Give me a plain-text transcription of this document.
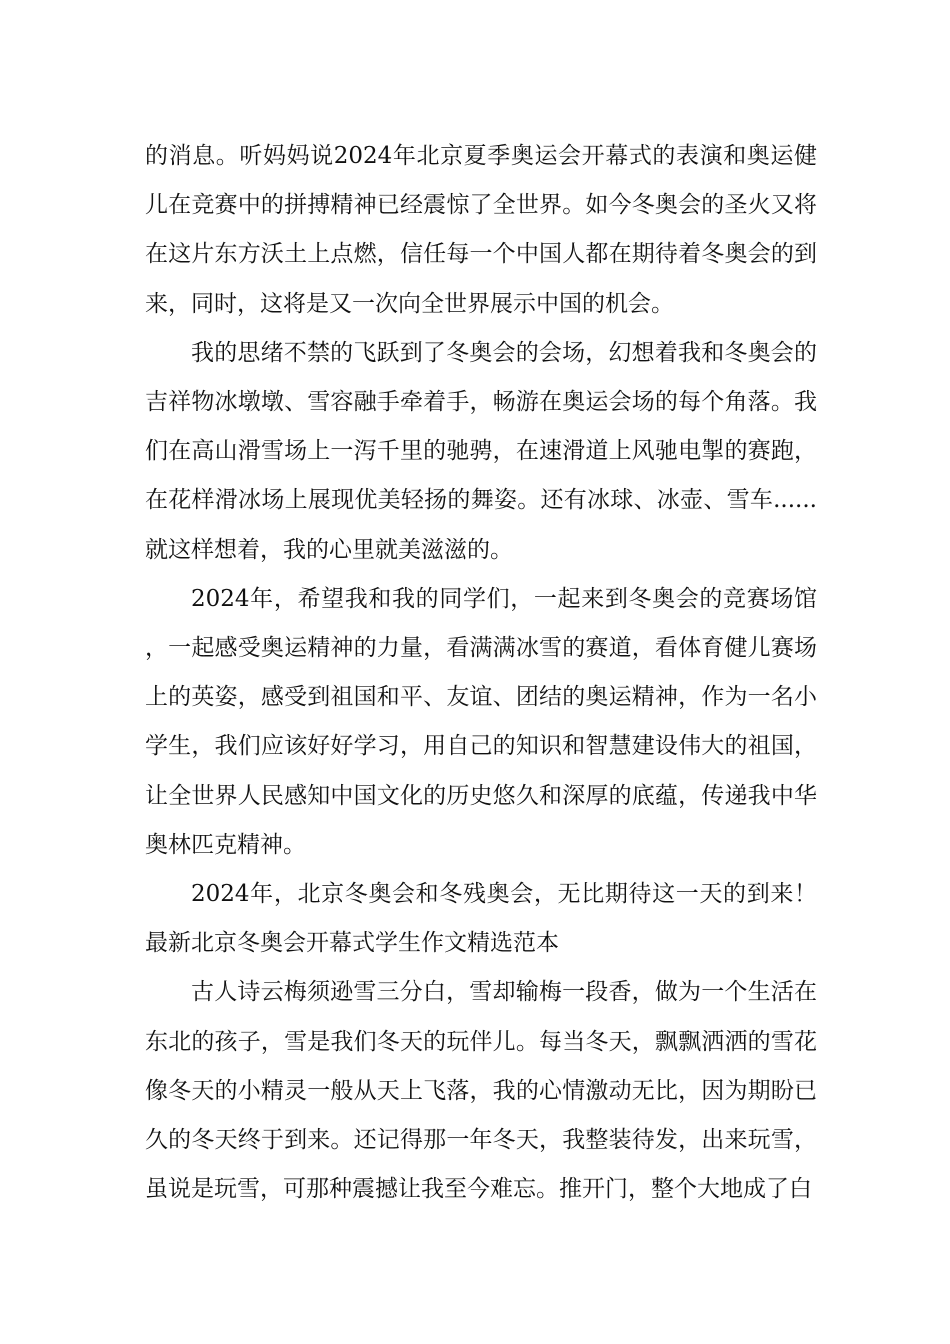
的消息。听妈妈说2024年北京夏季奥运会开幕式的表演和奥运健儿在竞赛中的拼搏精神已经震惊了全世界。如今冬奥会的圣火又将在这片东方沃土上点燃，信任每一个中国人都在期待着冬奥会的到来，同时，这将是又一次向全世界展示中国的机会。

我的思绪不禁的飞跃到了冬奥会的会场，幻想着我和冬奥会的吉祥物冰墩墩、雪容融手牵着手，畅游在奥运会场的每个角落。我们在高山滑雪场上一泻千里的驰骋，在速滑道上风驰电掣的赛跑，在花样滑冰场上展现优美轻扬的舞姿。还有冰球、冰壶、雪车......就这样想着，我的心里就美滋滋的。

2024年，希望我和我的同学们，一起来到冬奥会的竞赛场馆，一起感受奥运精神的力量，看满满冰雪的赛道，看体育健儿赛场上的英姿，感受到祖国和平、友谊、团结的奥运精神，作为一名小学生，我们应该好好学习，用自己的知识和智慧建设伟大的祖国，让全世界人民感知中国文化的历史悠久和深厚的底蕴，传递我中华奥林匹克精神。

2024年，北京冬奥会和冬残奥会，无比期待这一天的到来！最新北京冬奥会开幕式学生作文精选范本

古人诗云梅须逊雪三分白，雪却输梅一段香，做为一个生活在东北的孩子，雪是我们冬天的玩伴儿。每当冬天，飘飘洒洒的雪花像冬天的小精灵一般从天上飞落，我的心情激动无比，因为期盼已久的冬天终于到来。还记得那一年冬天，我整装待发，出来玩雪，虽说是玩雪，可那种震撼让我至今难忘。推开门，整个大地成了白
